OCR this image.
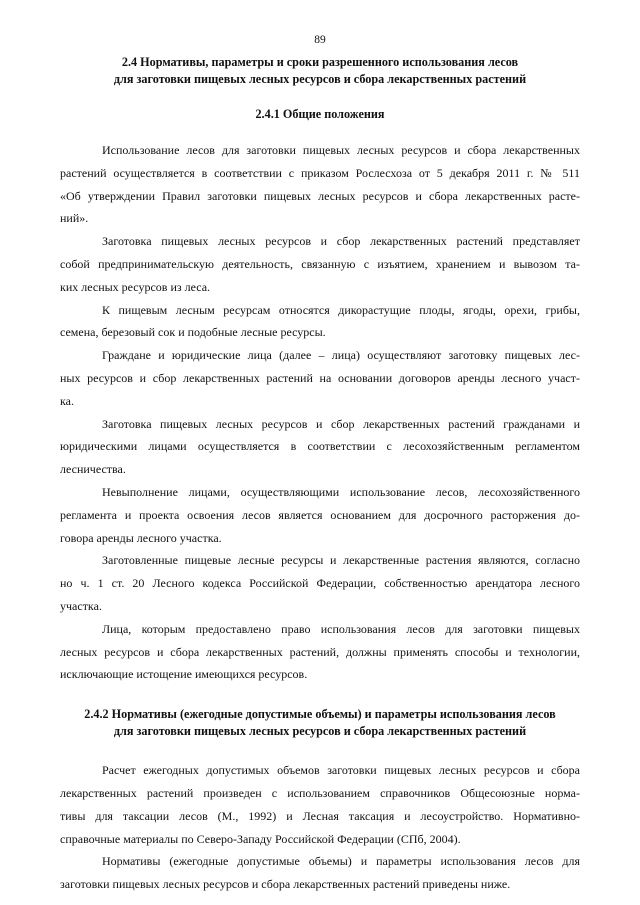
89
2.4 Нормативы, параметры и сроки разрешенного использования лесов
для заготовки пищевых лесных ресурсов и сбора лекарственных растений
2.4.1 Общие положения
Использование лесов для заготовки пищевых лесных ресурсов и сбора лекарственных
растений осуществляется в соответствии с приказом Рослесхоза от 5 декабря 2011 г. № 511
«Об утверждении Правил заготовки пищевых лесных ресурсов и сбора лекарственных расте-
ний».
Заготовка пищевых лесных ресурсов и сбор лекарственных растений представляет
собой предпринимательскую деятельность, связанную с изъятием, хранением и вывозом та-
ких лесных ресурсов из леса.
К пищевым лесным ресурсам относятся дикорастущие плоды, ягоды, орехи, грибы,
семена, березовый сок и подобные лесные ресурсы.
Граждане и юридические лица (далее – лица) осуществляют заготовку пищевых лес-
ных ресурсов и сбор лекарственных растений на основании договоров аренды лесного участ-
ка.
Заготовка пищевых лесных ресурсов и сбор лекарственных растений гражданами и
юридическими лицами осуществляется в соответствии с лесохозяйственным регламентом
лесничества.
Невыполнение лицами, осуществляющими использование лесов, лесохозяйственного
регламента и проекта освоения лесов является основанием для досрочного расторжения до-
говора аренды лесного участка.
Заготовленные пищевые лесные ресурсы и лекарственные растения являются, согласно
но ч. 1 ст. 20 Лесного кодекса Российской Федерации, собственностью арендатора лесного
участка.
Лица, которым предоставлено право использования лесов для заготовки пищевых
лесных ресурсов и сбора лекарственных растений, должны применять способы и технологии,
исключающие истощение имеющихся ресурсов.
2.4.2 Нормативы (ежегодные допустимые объемы) и параметры использования лесов
для заготовки пищевых лесных ресурсов и сбора лекарственных растений
Расчет ежегодных допустимых объемов заготовки пищевых лесных ресурсов и сбора
лекарственных растений произведен с использованием справочников Общесоюзные норма-
тивы для таксации лесов (М., 1992) и Лесная таксация и лесоустройство. Нормативно-
справочные материалы по Северо-Западу Российской Федерации (СПб, 2004).
Нормативы (ежегодные допустимые объемы) и параметры использования лесов для
заготовки пищевых лесных ресурсов и сбора лекарственных растений приведены ниже.
